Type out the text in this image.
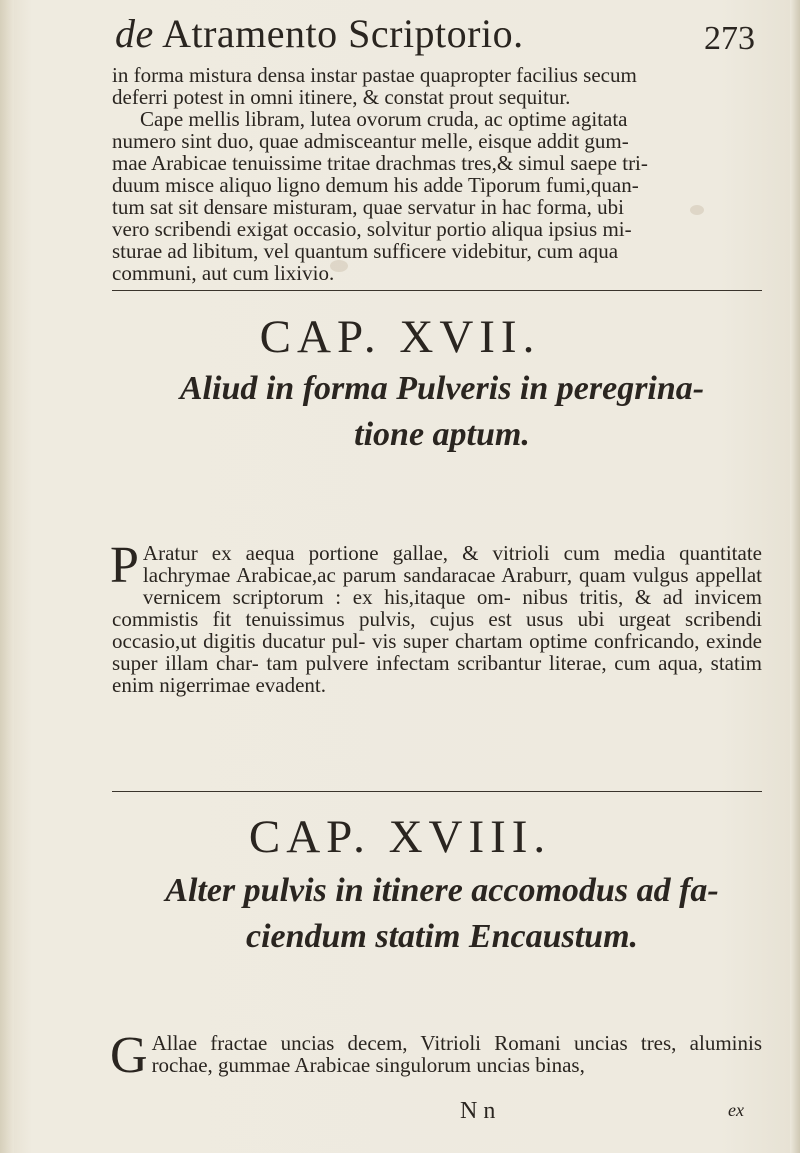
de Atramento Scriptorio.	273

in forma mistura densa instar pastae quapropter facilius secum

deferri potest in omni itinere, & constat prout sequitur.

Cape mellis libram, lutea ovorum cruda, ac optime agitata

numero sint duo, quae admisceantur melle, eisque addit gum-

mae Arabicae tenuissime tritae drachmas tres,& simul saepe tri-

duum misce aliquo ligno demum his adde Tiporum fumi,quan-

tum sat sit densare misturam, quae servatur in hac forma, ubi

vero scribendi exigat occasio, solvitur portio aliqua ipsius mi-

sturae ad libitum, vel quantum sufficere videbitur, cum aqua

communi, aut cum lixivio.

CAP. XVII.
Aliud in forma Pulveris in peregrina-
tione aptum.
P Aratur ex aequa portione gallae, & vitrioli cum media quantitate lachrymae Arabicae,ac parum sandaracae Araburr, quam vulgus appellat vernicem scriptorum : ex his,itaque om- nibus tritis, & ad invicem commistis fit tenuissimus pulvis, cujus est usus ubi urgeat scribendi occasio,ut digitis ducatur pul- vis super chartam optime confricando, exinde super illam char- tam pulvere infectam scribantur literae, cum aqua, statim enim nigerrimae evadent.
CAP. XVIII.
Alter pulvis in itinere accomodus ad fa-
ciendum statim Encaustum.
G Allae fractae uncias decem, Vitrioli Romani uncias tres, aluminis rochae, gummae Arabicae singulorum uncias binas,
N n	ex
